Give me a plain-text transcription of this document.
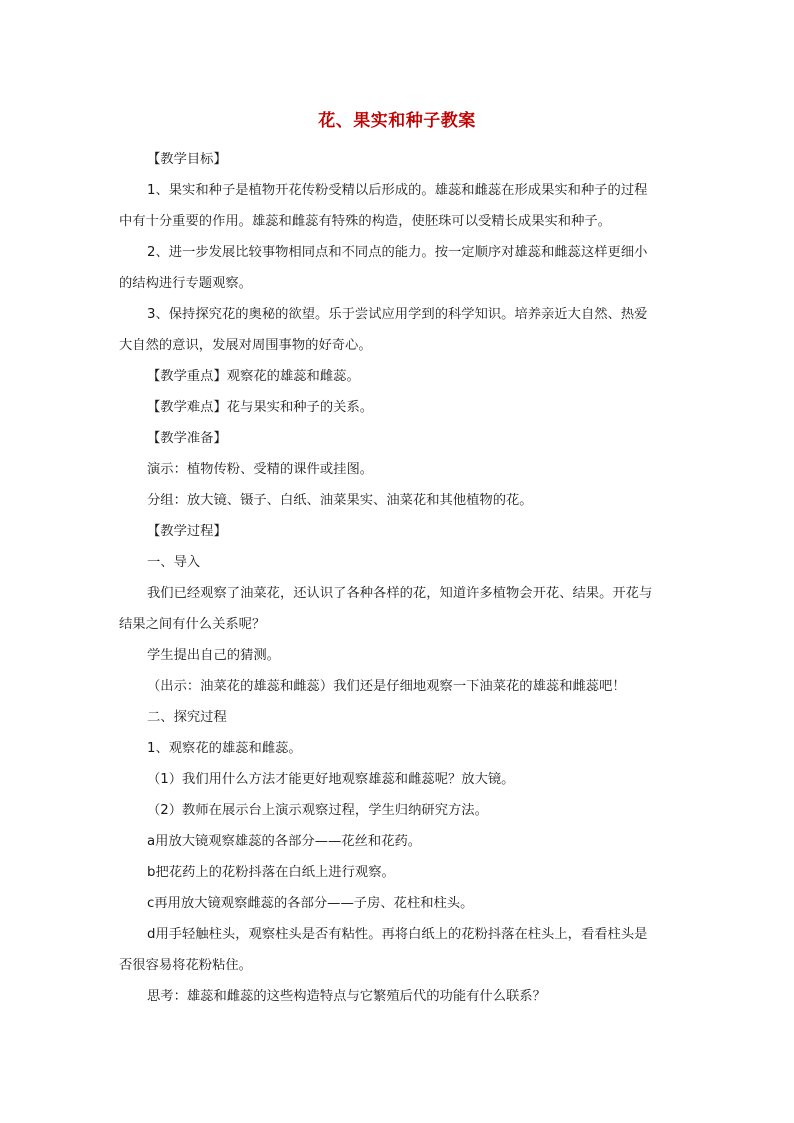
花、果实和种子教案

【教学目标】

1、果实和种子是植物开花传粉受精以后形成的。雄蕊和雌蕊在形成果实和种子的过程
中有十分重要的作用。雄蕊和雌蕊有特殊的构造，使胚珠可以受精长成果实和种子。

2、进一步发展比较事物相同点和不同点的能力。按一定顺序对雄蕊和雌蕊这样更细小
的结构进行专题观察。

3、保持探究花的奥秘的欲望。乐于尝试应用学到的科学知识。培养亲近大自然、热爱
大自然的意识，发展对周围事物的好奇心。

【教学重点】观察花的雄蕊和雌蕊。

【教学难点】花与果实和种子的关系。

【教学准备】

演示：植物传粉、受精的课件或挂图。

分组：放大镜、镊子、白纸、油菜果实、油菜花和其他植物的花。

【教学过程】

一、导入

我们已经观察了油菜花，还认识了各种各样的花，知道许多植物会开花、结果。开花与
结果之间有什么关系呢？

学生提出自己的猜测。

（出示：油菜花的雄蕊和雌蕊）我们还是仔细地观察一下油菜花的雄蕊和雌蕊吧！

二、探究过程

1、观察花的雄蕊和雌蕊。

（1）我们用什么方法才能更好地观察雄蕊和雌蕊呢？放大镜。

（2）教师在展示台上演示观察过程，学生归纳研究方法。

a用放大镜观察雄蕊的各部分——花丝和花药。

b把花药上的花粉抖落在白纸上进行观察。

c再用放大镜观察雌蕊的各部分——子房、花柱和柱头。

d用手轻触柱头，观察柱头是否有粘性。再将白纸上的花粉抖落在柱头上，看看柱头是
否很容易将花粉粘住。

思考：雄蕊和雌蕊的这些构造特点与它繁殖后代的功能有什么联系？
